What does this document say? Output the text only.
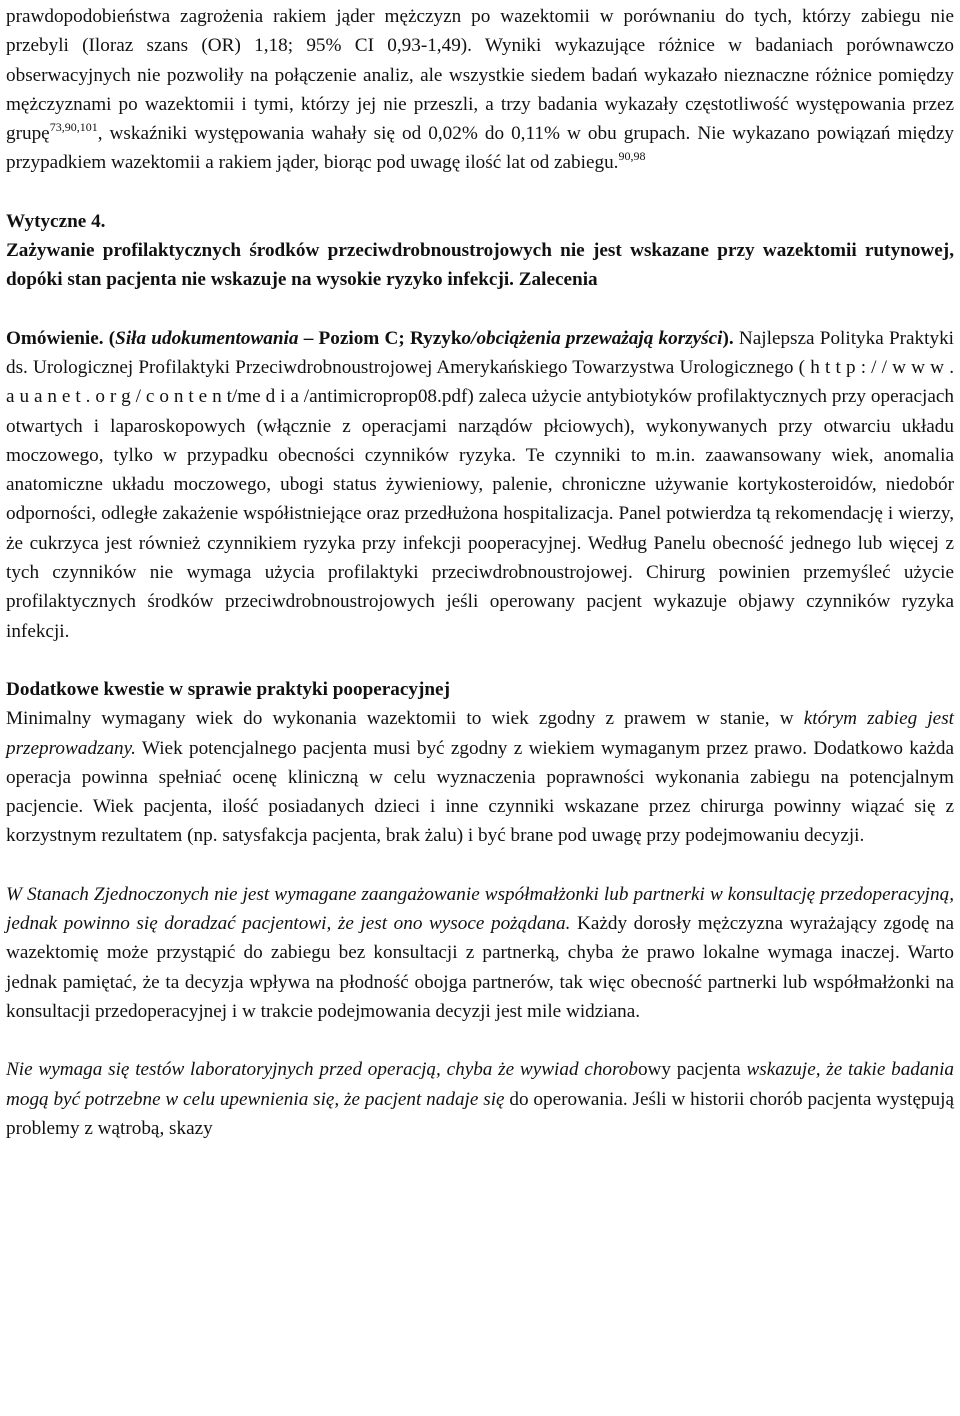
prawdopodobieństwa zagrożenia rakiem jąder mężczyzn po wazektomii w porównaniu do tych, którzy zabiegu nie przebyli (Iloraz szans (OR) 1,18; 95% CI 0,93-1,49). Wyniki wykazujące różnice w badaniach porównawczo obserwacyjnych nie pozwoliły na połączenie analiz, ale wszystkie siedem badań wykazało nieznaczne różnice pomiędzy mężczyznami po wazektomii i tymi, którzy jej nie przeszli, a trzy badania wykazały częstotliwość występowania przez grupę$^{73,90,101}$, wskaźniki występowania wahały się od 0,02% do 0,11% w obu grupach. Nie wykazano powiązań między przypadkiem wazektomii a rakiem jąder, biorąc pod uwagę ilość lat od zabiegu.$^{90,98}$

Wytyczne 4.

Zażywanie profilaktycznych środków przeciwdrobnoustrojowych nie jest wskazane przy wazektomii rutynowej, dopóki stan pacjenta nie wskazuje na wysokie ryzyko infekcji. Zalecenia

Omówienie. (Siła udokumentowania – Poziom C; Ryzyko/obciążenia przeważają korzyści). Najlepsza Polityka Praktyki ds. Urologicznej Profilaktyki Przeciwdrobnoustrojowej Amerykańskiego Towarzystwa Urologicznego ( h t t p : / / w w w . a u a n e t . o r g / c o n t e n t/me d i a /antimicroprop08.pdf) zaleca użycie antybiotyków profilaktycznych przy operacjach otwartych i laparoskopowych (włącznie z operacjami narządów płciowych), wykonywanych przy otwarciu układu moczowego, tylko w przypadku obecności czynników ryzyka. Te czynniki to m.in. zaawansowany wiek, anomalia anatomiczne układu moczowego, ubogi status żywieniowy, palenie, chroniczne używanie kortykosteroidów, niedobór odporności, odległe zakażenie współistniejące oraz przedłużona hospitalizacja. Panel potwierdza tą rekomendację i wierzy, że cukrzyca jest również czynnikiem ryzyka przy infekcji pooperacyjnej. Według Panelu obecność jednego lub więcej z tych czynników nie wymaga użycia profilaktyki przeciwdrobnoustrojowej. Chirurg powinien przemyśleć użycie profilaktycznych środków przeciwdrobnoustrojowych jeśli operowany pacjent wykazuje objawy czynników ryzyka infekcji.

Dodatkowe kwestie w sprawie praktyki pooperacyjnej

Minimalny wymagany wiek do wykonania wazektomii to wiek zgodny z prawem w stanie, w którym zabieg jest przeprowadzany. Wiek potencjalnego pacjenta musi być zgodny z wiekiem wymaganym przez prawo. Dodatkowo każda operacja powinna spełniać ocenę kliniczną w celu wyznaczenia poprawności wykonania zabiegu na potencjalnym pacjencie. Wiek pacjenta, ilość posiadanych dzieci i inne czynniki wskazane przez chirurga powinny wiązać się z korzystnym rezultatem (np. satysfakcja pacjenta, brak żalu) i być brane pod uwagę przy podejmowaniu decyzji.

W Stanach Zjednoczonych nie jest wymagane zaangażowanie współmałżonki lub partnerki w konsultację przedoperacyjną, jednak powinno się doradzać pacjentowi, że jest ono wysoce pożądana. Każdy dorosły mężczyzna wyrażający zgodę na wazektomię może przystąpić do zabiegu bez konsultacji z partnerką, chyba że prawo lokalne wymaga inaczej. Warto jednak pamiętać, że ta decyzja wpływa na płodność obojga partnerów, tak więc obecność partnerki lub współmałżonki na konsultacji przedoperacyjnej i w trakcie podejmowania decyzji jest mile widziana.

Nie wymaga się testów laboratoryjnych przed operacją, chyba że wywiad chorobowy pacjenta wskazuje, że takie badania mogą być potrzebne w celu upewnienia się, że pacjent nadaje się do operowania. Jeśli w historii chorób pacjenta występują problemy z wątrobą, skazy
